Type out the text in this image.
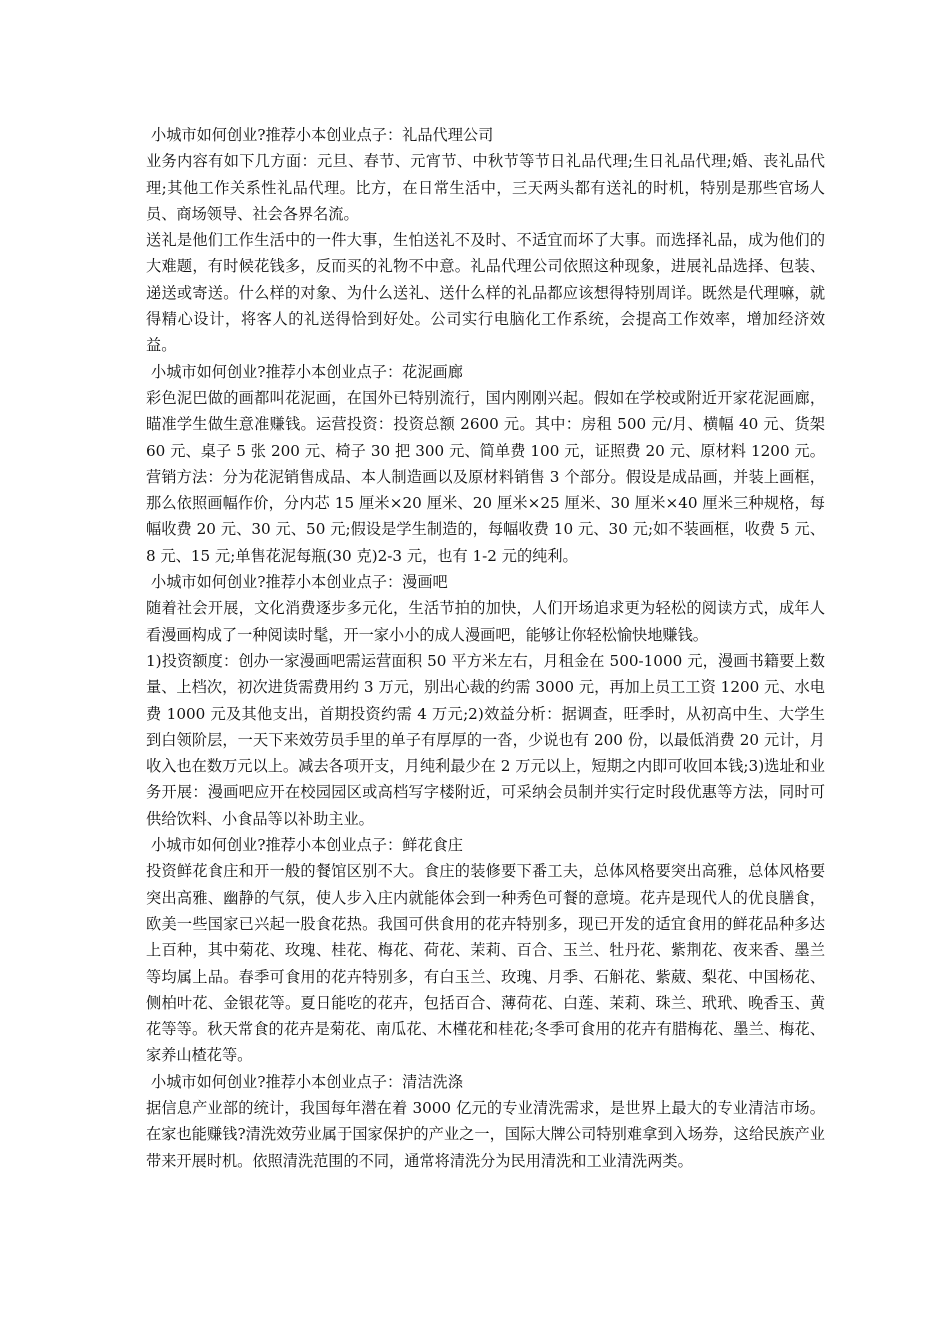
小城市如何创业?推荐小本创业点子：礼品代理公司

业务内容有如下几方面：元旦、春节、元宵节、中秋节等节日礼品代理;生日礼品代理;婚、丧礼品代理;其他工作关系性礼品代理。比方，在日常生活中，三天两头都有送礼的时机，特别是那些官场人员、商场领导、社会各界名流。

送礼是他们工作生活中的一件大事，生怕送礼不及时、不适宜而坏了大事。而选择礼品，成为他们的大难题，有时候花钱多，反而买的礼物不中意。礼品代理公司依照这种现象，进展礼品选择、包装、递送或寄送。什么样的对象、为什么送礼、送什么样的礼品都应该想得特别周详。既然是代理嘛，就得精心设计，将客人的礼送得恰到好处。公司实行电脑化工作系统，会提高工作效率，增加经济效益。

小城市如何创业?推荐小本创业点子：花泥画廊

彩色泥巴做的画都叫花泥画，在国外已特别流行，国内刚刚兴起。假如在学校或附近开家花泥画廊，瞄准学生做生意准赚钱。运营投资：投资总额 2600 元。其中：房租 500 元/月、横幅 40 元、货架 60 元、桌子 5 张 200 元、椅子 30 把 300 元、简单费 100 元，证照费 20 元、原材料 1200 元。营销方法：分为花泥销售成品、本人制造画以及原材料销售 3 个部分。假设是成品画，并装上画框，那么依照画幅作价，分内芯 15 厘米×20 厘米、20 厘米×25 厘米、30 厘米×40 厘米三种规格，每幅收费 20 元、30 元、50 元;假设是学生制造的，每幅收费 10 元、30 元;如不装画框，收费 5 元、8 元、15 元;单售花泥每瓶(30 克)2-3 元，也有 1-2 元的纯利。

小城市如何创业?推荐小本创业点子：漫画吧

随着社会开展，文化消费逐步多元化，生活节拍的加快，人们开场追求更为轻松的阅读方式，成年人看漫画构成了一种阅读时髦，开一家小小的成人漫画吧，能够让你轻松愉快地赚钱。

1)投资额度：创办一家漫画吧需运营面积 50 平方米左右，月租金在 500-1000 元，漫画书籍要上数量、上档次，初次进货需费用约 3 万元，别出心裁的约需 3000 元，再加上员工工资 1200 元、水电费 1000 元及其他支出，首期投资约需 4 万元;2)效益分析：据调查，旺季时，从初高中生、大学生到白领阶层，一天下来效劳员手里的单子有厚厚的一沓，少说也有 200 份，以最低消费 20 元计，月收入也在数万元以上。减去各项开支，月纯利最少在 2 万元以上，短期之内即可收回本钱;3)选址和业务开展：漫画吧应开在校园园区或高档写字楼附近，可采纳会员制并实行定时段优惠等方法，同时可供给饮料、小食品等以补助主业。

小城市如何创业?推荐小本创业点子：鲜花食庄

投资鲜花食庄和开一般的餐馆区别不大。食庄的装修要下番工夫，总体风格要突出高雅，总体风格要突出高雅、幽静的气氛，使人步入庄内就能体会到一种秀色可餐的意境。花卉是现代人的优良膳食，欧美一些国家已兴起一股食花热。我国可供食用的花卉特别多，现已开发的适宜食用的鲜花品种多达上百种，其中菊花、玫瑰、桂花、梅花、荷花、茉莉、百合、玉兰、牡丹花、紫荆花、夜来香、墨兰等均属上品。春季可食用的花卉特别多，有白玉兰、玫瑰、月季、石斛花、紫葳、梨花、中国杨花、侧柏叶花、金银花等。夏日能吃的花卉，包括百合、薄荷花、白莲、茉莉、珠兰、玳玳、晚香玉、黄花等等。秋天常食的花卉是菊花、南瓜花、木槿花和桂花;冬季可食用的花卉有腊梅花、墨兰、梅花、家养山楂花等。

小城市如何创业?推荐小本创业点子：清洁洗涤

据信息产业部的统计，我国每年潜在着 3000 亿元的专业清洗需求，是世界上最大的专业清洁市场。在家也能赚钱?清洗效劳业属于国家保护的产业之一，国际大牌公司特别难拿到入场券，这给民族产业带来开展时机。依照清洗范围的不同，通常将清洗分为民用清洗和工业清洗两类。
